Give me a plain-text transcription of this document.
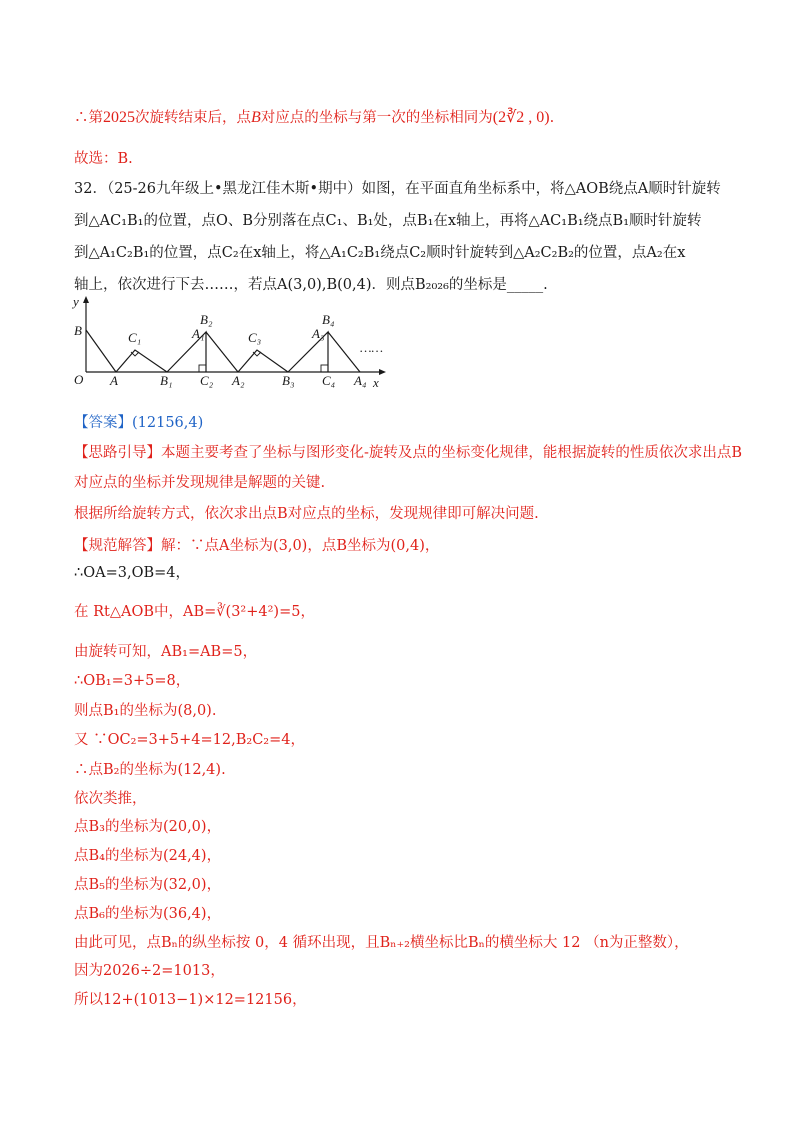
∴第2025次旋转结束后，点B对应点的坐标与第一次的坐标相同为(2∛2 , 0).
故选：B.
32．（25-26九年级上•黑龙江佳木斯•期中）如图，在平面直角坐标系中，将△AOB绕点A顺时针旋转
到△AC₁B₁的位置，点O、B分别落在点C₁、B₁处，点B₁在x轴上，再将△AC₁B₁绕点B₁顺时针旋转
到△A₁C₂B₁的位置，点C₂在x轴上，将△A₁C₂B₁绕点C₂顺时针旋转到△A₂C₂B₂的位置，点A₂在x
轴上，依次进行下去……，若点A(3,0),B(0,4)．则点B₂₀₂₆的坐标是_____.
y
x
O
B	C₁
B₂
A₁	C₃	A₃
B₄
A	B₁ C₂ A₂	B₃ C₄ A₄
……
【答案】(12156,4)
【思路引导】本题主要考查了坐标与图形变化-旋转及点的坐标变化规律，能根据旋转的性质依次求出点B
对应点的坐标并发现规律是解题的关键.
根据所给旋转方式，依次求出点B对应点的坐标，发现规律即可解决问题.
【规范解答】解：∵点A坐标为(3,0)，点B坐标为(0,4)，
∴OA=3,OB=4，
在 Rt△AOB中，AB=∛(3²+4²)=5，
由旋转可知，AB₁=AB=5，
∴OB₁=3+5=8，
则点B₁的坐标为(8,0).
又 ∵OC₂=3+5+4=12,B₂C₂=4，
∴点B₂的坐标为(12,4).
依次类推，
点B₃的坐标为(20,0)，
点B₄的坐标为(24,4)，
点B₅的坐标为(32,0)，
点B₆的坐标为(36,4)，
由此可见，点Bₙ的纵坐标按 0，4 循环出现，且Bₙ₊₂横坐标比Bₙ的横坐标大 12 （n为正整数），
因为2026÷2=1013，
所以12+(1013−1)×12=12156，
